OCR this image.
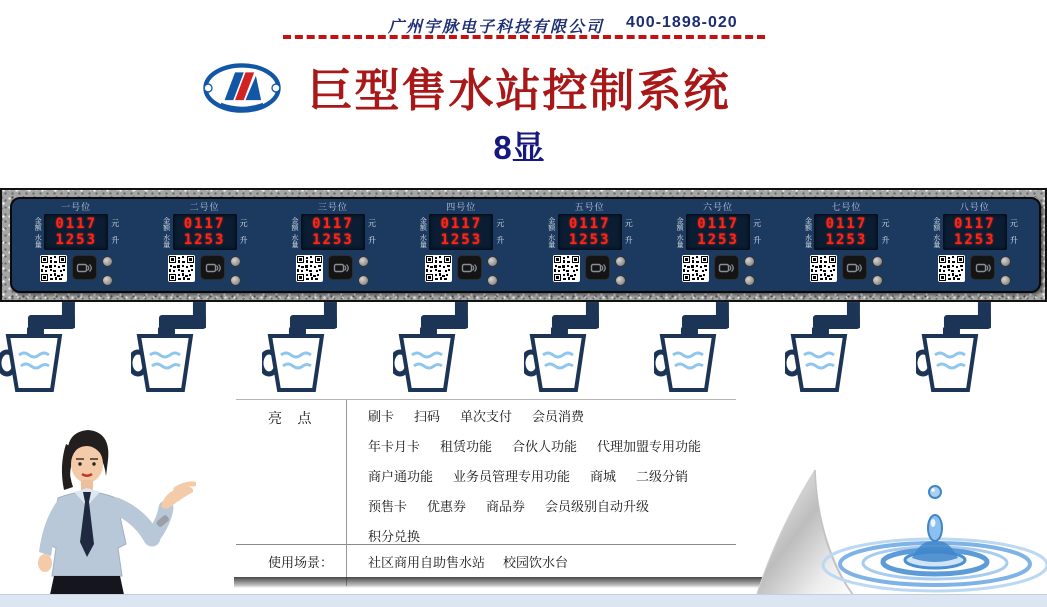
广州宇脉电子科技有限公司 400-1898-020
巨型售水站控制系统
8显
一号位
金额
水量
0117
1253
元
升
二号位
金额
水量
0117
1253
元
升
三号位
金额
水量
0117
1253
元
升
四号位
金额
水量
0117
1253
元
升
五号位
金额
水量
0117
1253
元
升
六号位
金额
水量
0117
1253
元
升
七号位
金额
水量
0117
1253
元
升
八号位
金额
水量
0117
1253
元
升
亮    点	刷卡 扫码 单次支付 会员消费
年卡月卡 租赁功能 合伙人功能 代理加盟专用功能
商户通功能 业务员管理专用功能 商城 二级分销
预售卡 优惠券 商品券 会员级别自动升级
积分兑换
使用场景：	社区商用自助售水站 校园饮水台
